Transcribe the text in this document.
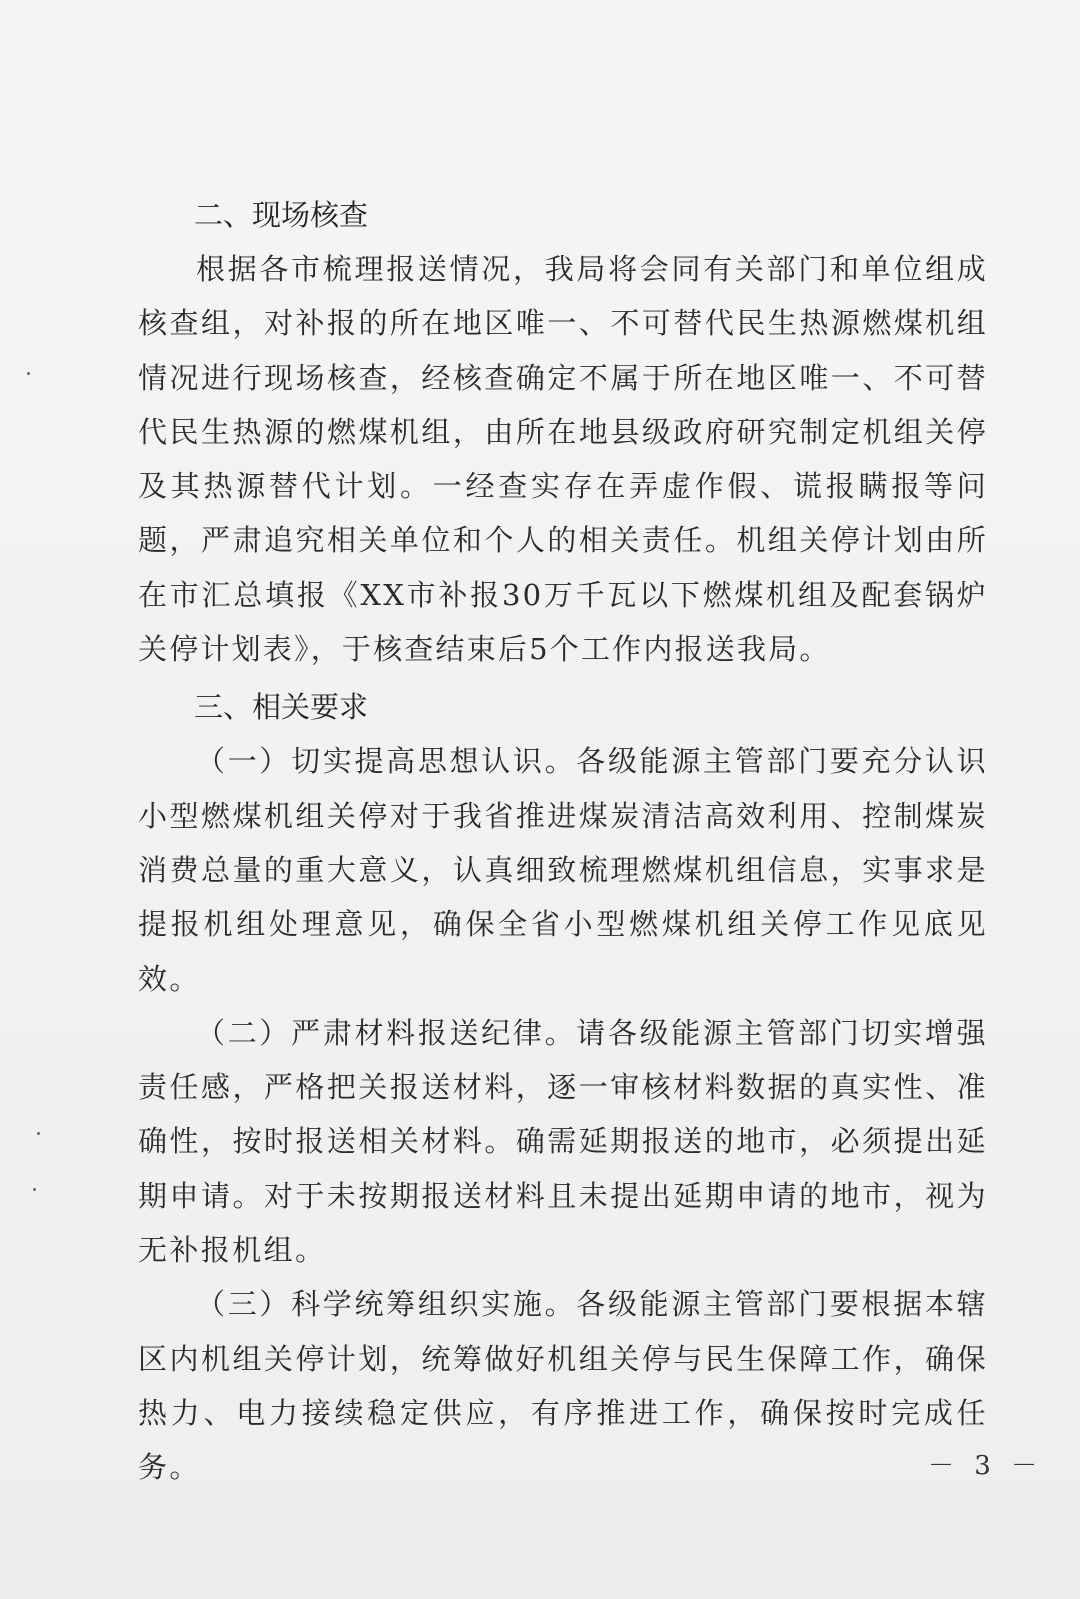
二、现场核查

根据各市梳理报送情况，我局将会同有关部门和单位组成核查组，对补报的所在地区唯一、不可替代民生热源燃煤机组情况进行现场核查，经核查确定不属于所在地区唯一、不可替代民生热源的燃煤机组，由所在地县级政府研究制定机组关停及其热源替代计划。一经查实存在弄虚作假、谎报瞒报等问题，严肃追究相关单位和个人的相关责任。机组关停计划由所在市汇总填报《XX市补报30万千瓦以下燃煤机组及配套锅炉关停计划表》，于核查结束后5个工作内报送我局。

三、相关要求

（一）切实提高思想认识。各级能源主管部门要充分认识小型燃煤机组关停对于我省推进煤炭清洁高效利用、控制煤炭消费总量的重大意义，认真细致梳理燃煤机组信息，实事求是提报机组处理意见，确保全省小型燃煤机组关停工作见底见效。

（二）严肃材料报送纪律。请各级能源主管部门切实增强责任感，严格把关报送材料，逐一审核材料数据的真实性、准确性，按时报送相关材料。确需延期报送的地市，必须提出延期申请。对于未按期报送材料且未提出延期申请的地市，视为无补报机组。

（三）科学统筹组织实施。各级能源主管部门要根据本辖区内机组关停计划，统筹做好机组关停与民生保障工作，确保热力、电力接续稳定供应，有序推进工作，确保按时完成任务。	－ 3 －
